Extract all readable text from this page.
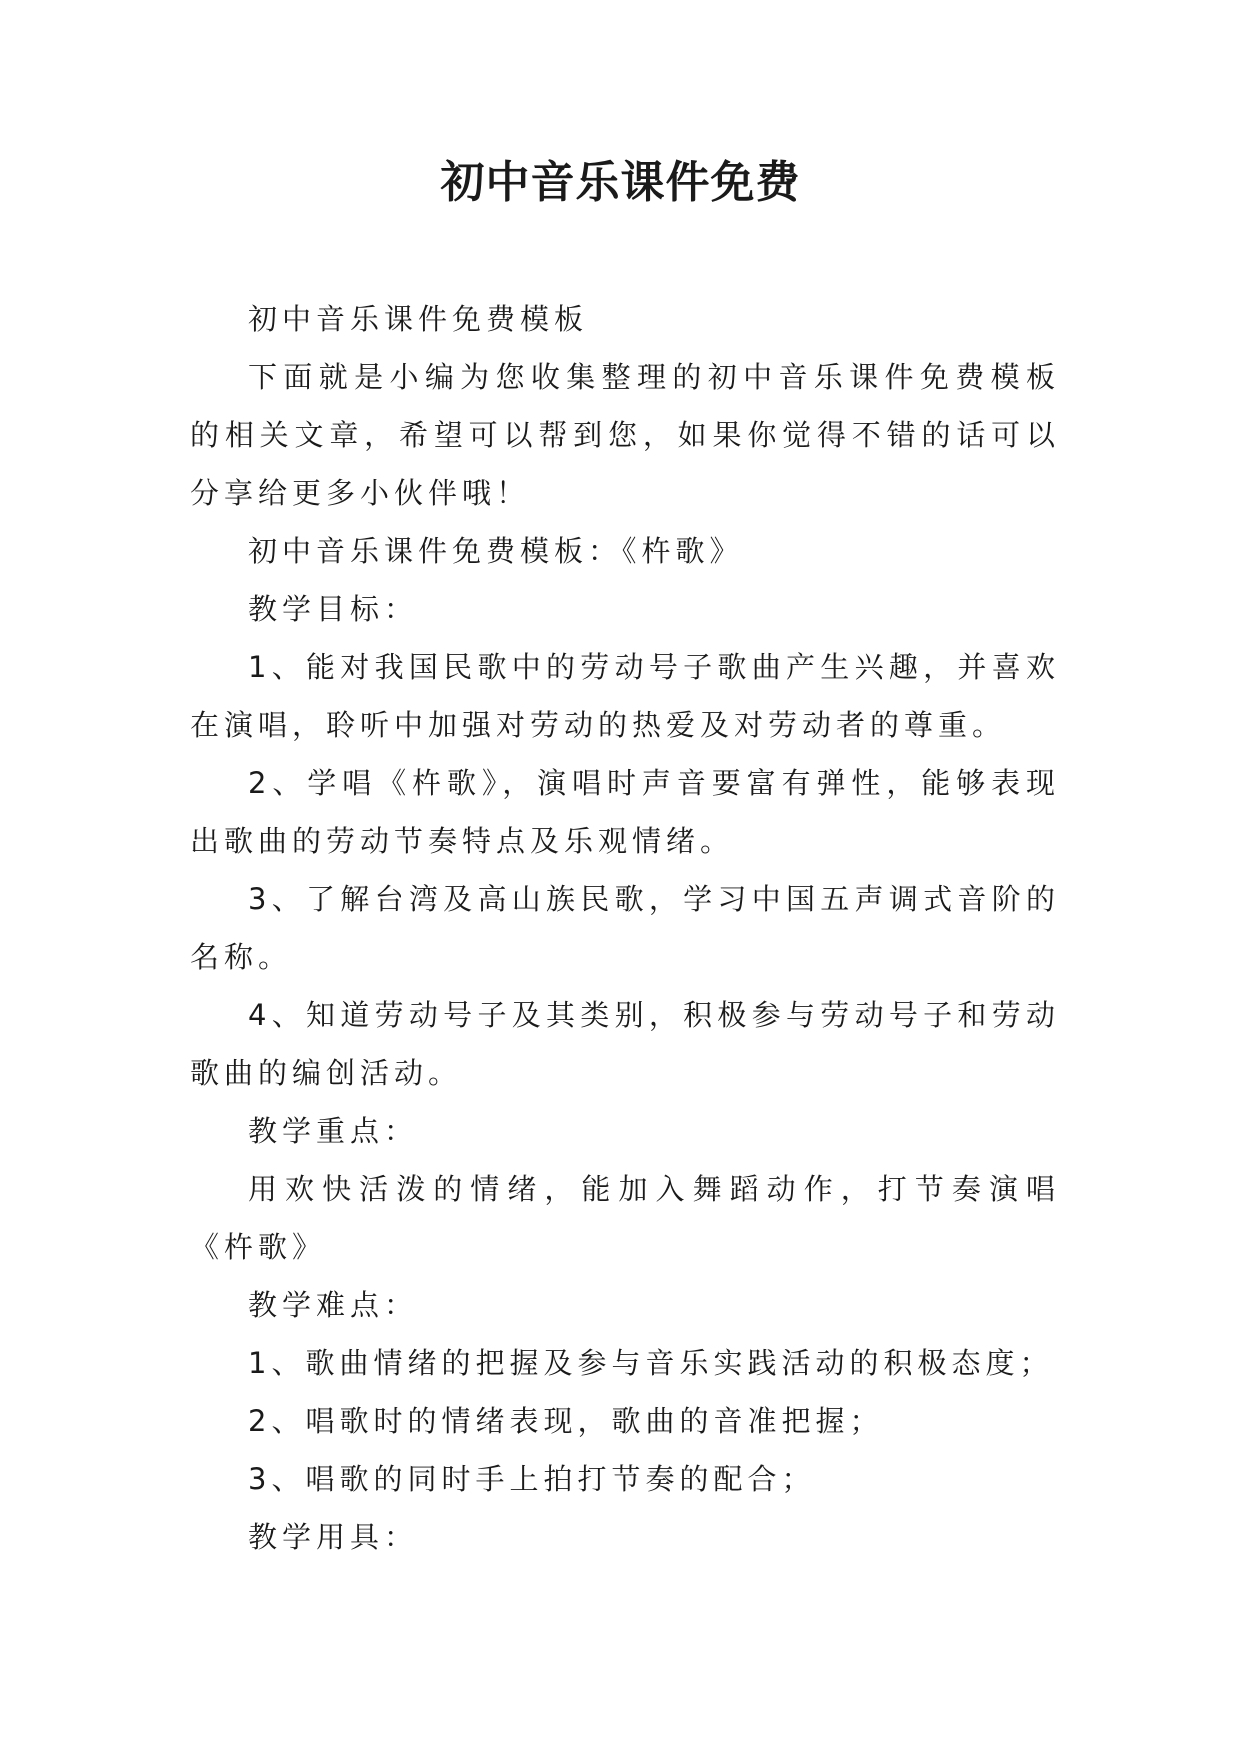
初中音乐课件免费

初中音乐课件免费模板

下面就是小编为您收集整理的初中音乐课件免费模板的相关文章，希望可以帮到您，如果你觉得不错的话可以分享给更多小伙伴哦！

初中音乐课件免费模板：《杵歌》

教学目标：

1、能对我国民歌中的劳动号子歌曲产生兴趣，并喜欢在演唱，聆听中加强对劳动的热爱及对劳动者的尊重。

2、学唱《杵歌》，演唱时声音要富有弹性，能够表现出歌曲的劳动节奏特点及乐观情绪。

3、了解台湾及高山族民歌，学习中国五声调式音阶的名称。

4、知道劳动号子及其类别，积极参与劳动号子和劳动歌曲的编创活动。

教学重点：

用欢快活泼的情绪，能加入舞蹈动作，打节奏演唱《杵歌》

教学难点：

1、歌曲情绪的把握及参与音乐实践活动的积极态度；

2、唱歌时的情绪表现，歌曲的音准把握；

3、唱歌的同时手上拍打节奏的配合；

教学用具：
